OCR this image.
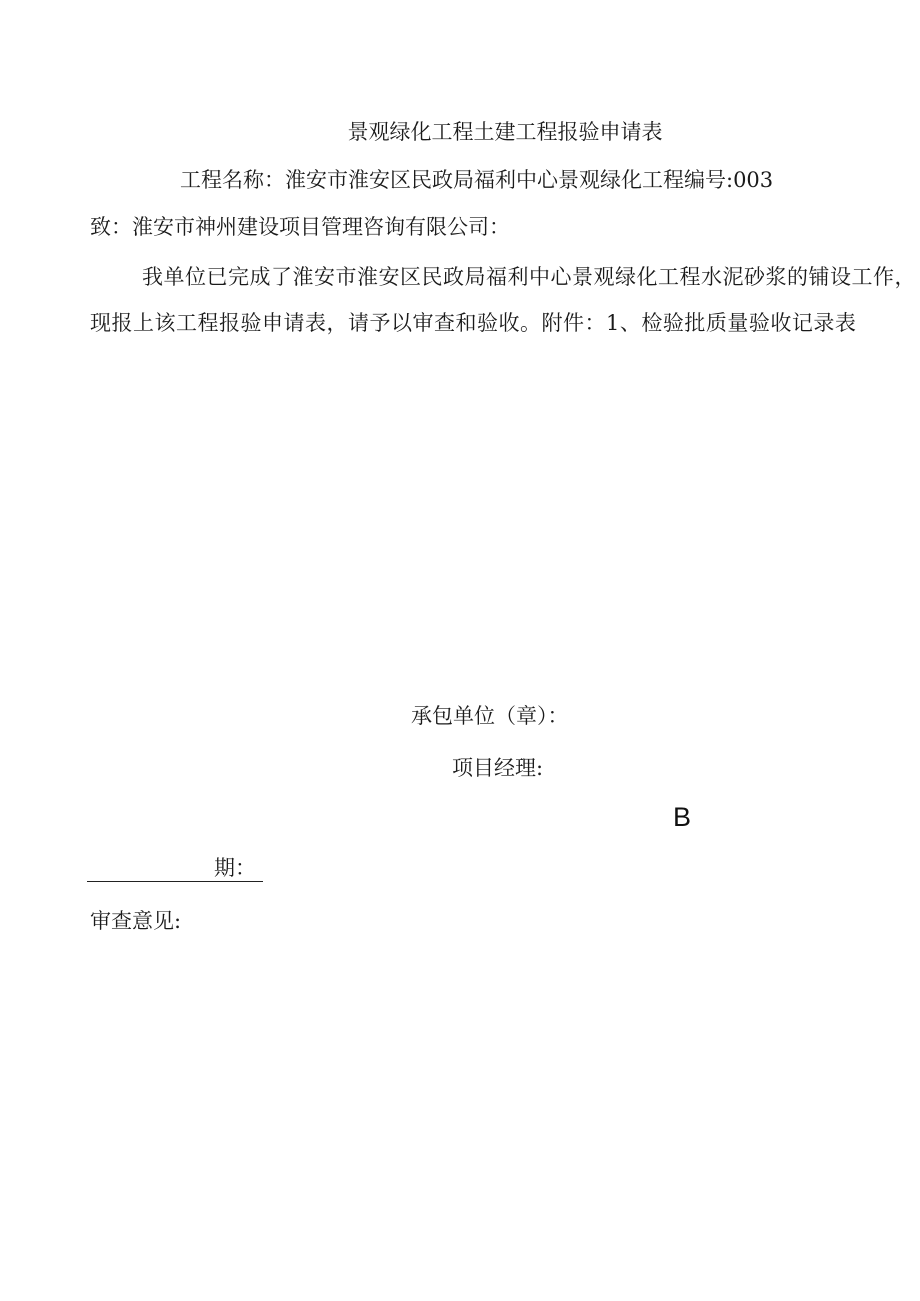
景观绿化工程土建工程报验申请表
工程名称：淮安市淮安区民政局福利中心景观绿化工程编号:003
致：淮安市神州建设项目管理咨询有限公司：
我单位已完成了淮安市淮安区民政局福利中心景观绿化工程水泥砂浆的铺设工作，现报上该工程报验申请表，请予以审查和验收。附件：1、检验批质量验收记录表
承包单位（章）：
项目经理:
B
期：
审查意见:
